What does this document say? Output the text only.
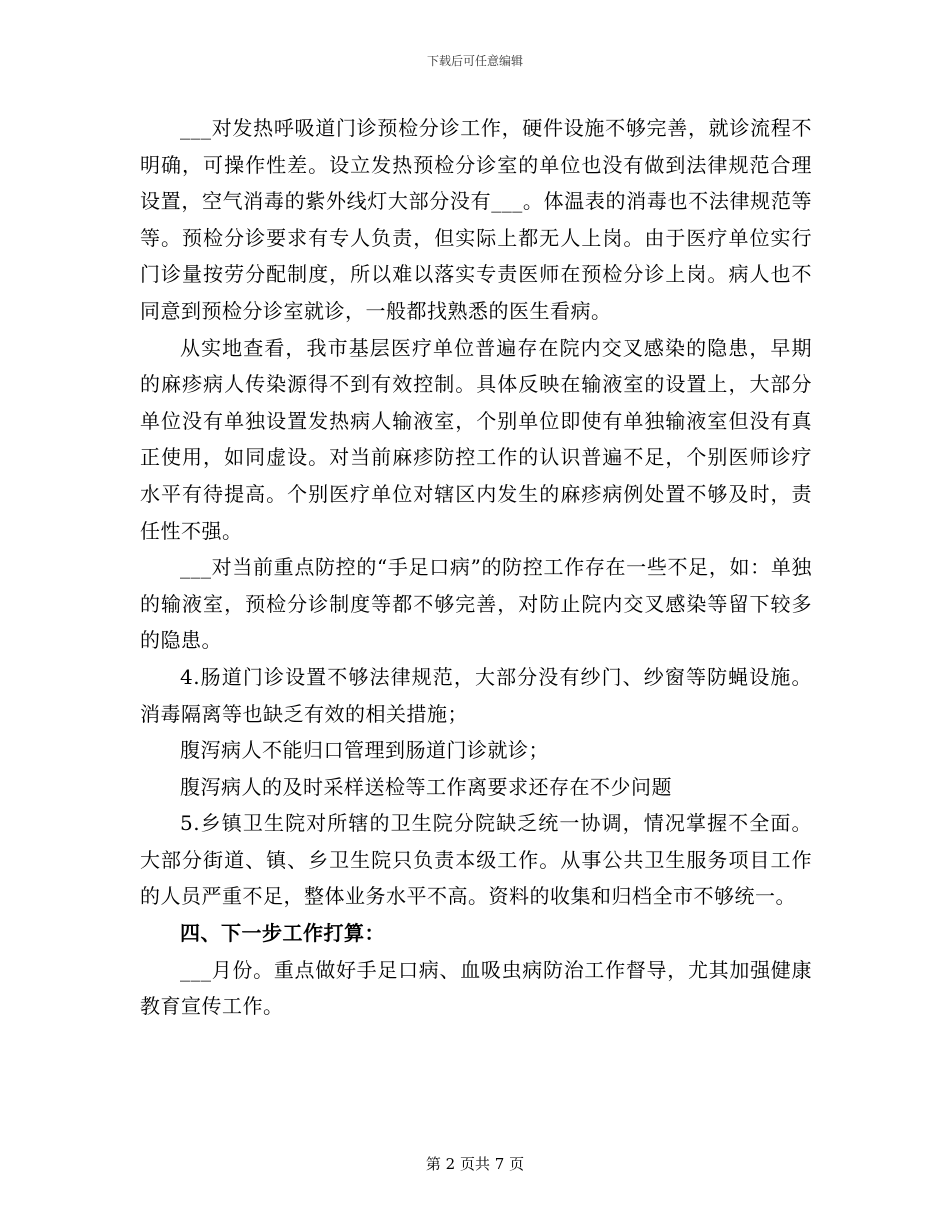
下载后可任意编辑

___对发热呼吸道门诊预检分诊工作，硬件设施不够完善，就诊流程不明确，可操作性差。设立发热预检分诊室的单位也没有做到法律规范合理设置，空气消毒的紫外线灯大部分没有___。体温表的消毒也不法律规范等等。预检分诊要求有专人负责，但实际上都无人上岗。由于医疗单位实行门诊量按劳分配制度，所以难以落实专责医师在预检分诊上岗。病人也不同意到预检分诊室就诊，一般都找熟悉的医生看病。

从实地查看，我市基层医疗单位普遍存在院内交叉感染的隐患，早期的麻疹病人传染源得不到有效控制。具体反映在输液室的设置上，大部分单位没有单独设置发热病人输液室，个别单位即使有单独输液室但没有真正使用，如同虚设。对当前麻疹防控工作的认识普遍不足，个别医师诊疗水平有待提高。个别医疗单位对辖区内发生的麻疹病例处置不够及时，责任性不强。

___对当前重点防控的“手足口病”的防控工作存在一些不足，如：单独的输液室，预检分诊制度等都不够完善，对防止院内交叉感染等留下较多的隐患。

4.肠道门诊设置不够法律规范，大部分没有纱门、纱窗等防蝇设施。消毒隔离等也缺乏有效的相关措施；

腹泻病人不能归口管理到肠道门诊就诊；

腹泻病人的及时采样送检等工作离要求还存在不少问题

5.乡镇卫生院对所辖的卫生院分院缺乏统一协调，情况掌握不全面。大部分街道、镇、乡卫生院只负责本级工作。从事公共卫生服务项目工作的人员严重不足，整体业务水平不高。资料的收集和归档全市不够统一。

四、下一步工作打算：

___月份。重点做好手足口病、血吸虫病防治工作督导，尤其加强健康教育宣传工作。

第 2 页共 7 页
